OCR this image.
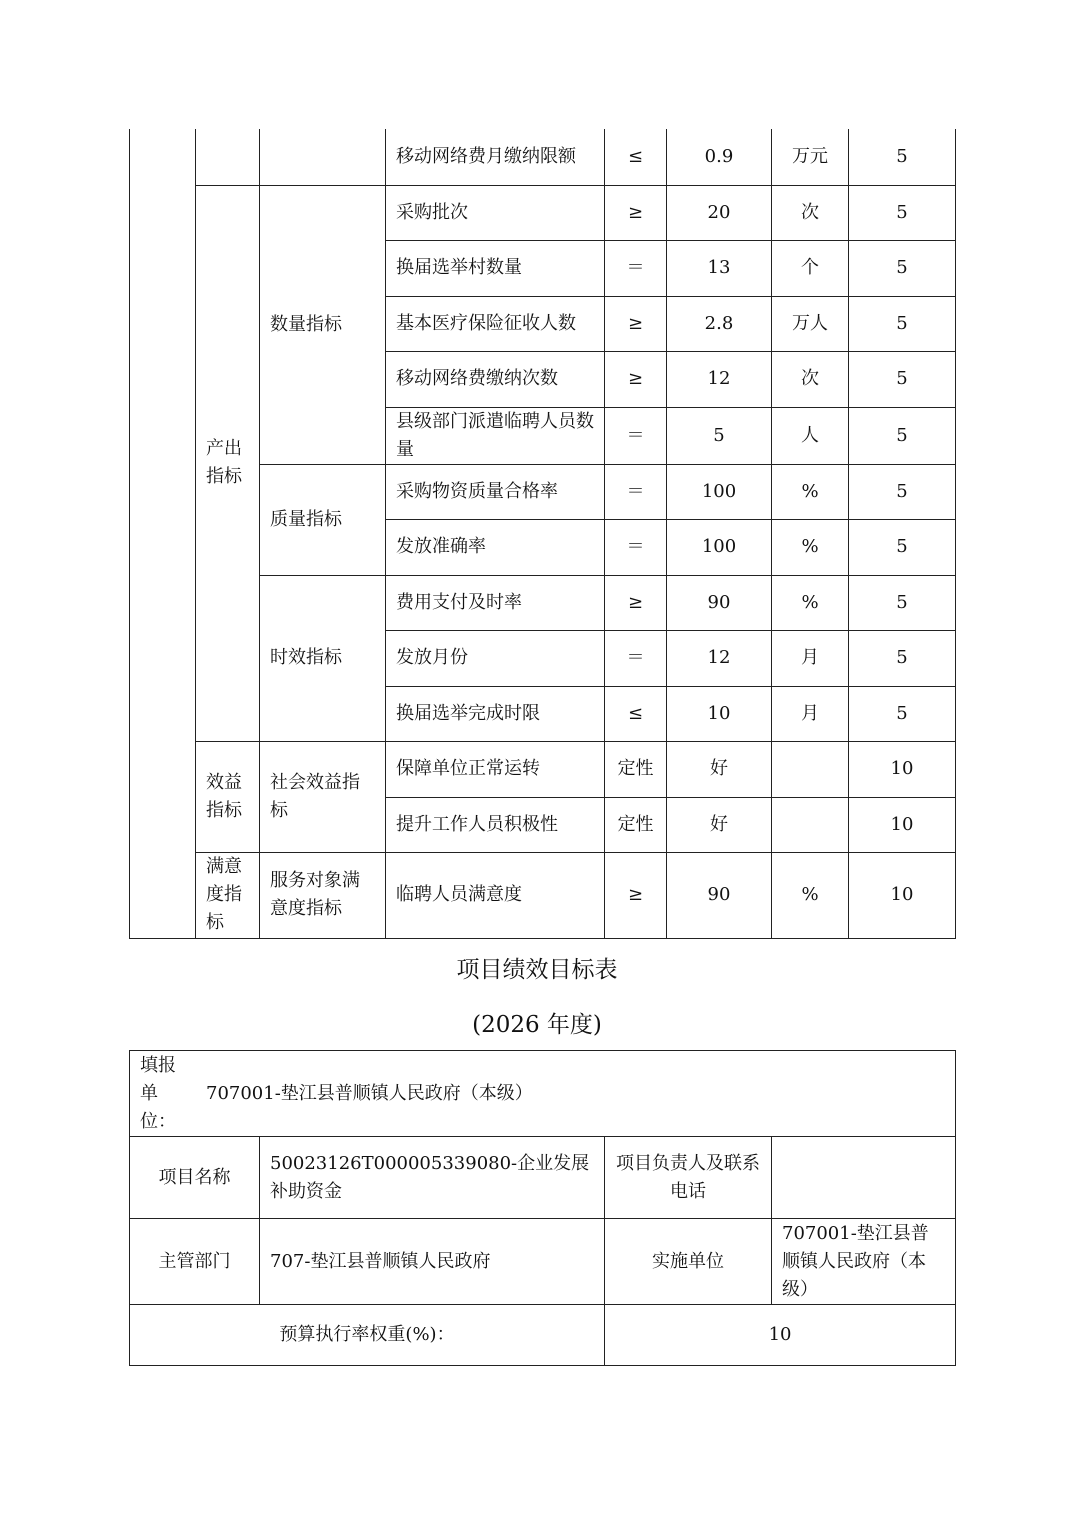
			移动网络费月缴纳限额	≤	0.9	万元	5
	产出指标	数量指标	采购批次	≥	20	次	5
			换届选举村数量	＝	13	个	5
			基本医疗保险征收人数	≥	2.8	万人	5
			移动网络费缴纳次数	≥	12	次	5
			县级部门派遣临聘人员数量	＝	5	人	5
		质量指标	采购物资质量合格率	＝	100	%	5
			发放准确率	＝	100	%	5
		时效指标	费用支付及时率	≥	90	%	5
			发放月份	＝	12	月	5
			换届选举完成时限	≤	10	月	5
	效益指标	社会效益指标	保障单位正常运转	定性	好		10
			提升工作人员积极性	定性	好		10
	满意度指标	服务对象满意度指标	临聘人员满意度	≥	90	%	10
项目绩效目标表
(2026 年度)
填报单位：
707001-垫江县普顺镇人民政府（本级）			

项目名称	50023126T000005339080-企业发展补助资金	项目负责人及联系电话	
主管部门	707-垫江县普顺镇人民政府	实施单位	707001-垫江县普顺镇人民政府（本级）
预算执行率权重(%)：		10	
